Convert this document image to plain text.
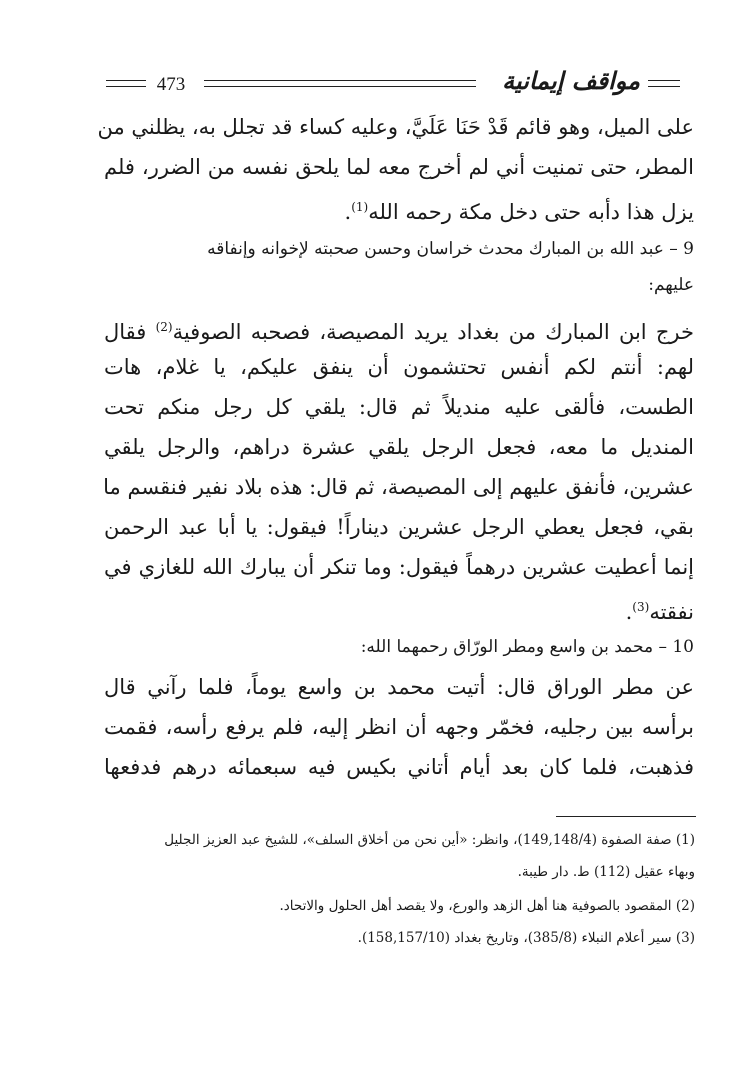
473	مواقف إيمانية
على الميل، وهو قائم قَدْ حَنَا عَلَيَّ، وعليه كساء قد تجلل به، يظلني من
المطر، حتى تمنيت أني لم أخرج معه لما يلحق نفسه من الضرر، فلم
يزل هذا دأبه حتى دخل مكة رحمه الله$^{(1)}$.
9 – عبد الله بن المبارك محدث خراسان وحسن صحبته لإخوانه وإنفاقه
عليهم:
خرج ابن المبارك من بغداد يريد المصيصة، فصحبه الصوفية$^{(2)}$ فقال
لهم: أنتم لكم أنفس تحتشمون أن ينفق عليكم، يا غلام، هات
الطست، فألقى عليه منديلاً ثم قال: يلقي كل رجل منكم تحت
المنديل ما معه، فجعل الرجل يلقي عشرة دراهم، والرجل يلقي
عشرين، فأنفق عليهم إلى المصيصة، ثم قال: هذه بلاد نفير فنقسم ما
بقي، فجعل يعطي الرجل عشرين ديناراً! فيقول: يا أبا عبد الرحمن
إنما أعطيت عشرين درهماً فيقول: وما تنكر أن يبارك الله للغازي في
نفقته$^{(3)}$.
10 – محمد بن واسع ومطر الورّاق رحمهما الله:
عن مطر الوراق قال: أتيت محمد بن واسع يوماً، فلما رآني قال
برأسه بين رجليه، فخمّر وجهه أن انظر إليه، فلم يرفع رأسه، فقمت
فذهبت، فلما كان بعد أيام أتاني بكيس فيه سبعمائه درهم فدفعها
(1) صفة الصفوة (149,148/4)، وانظر: «أين نحن من أخلاق السلف»، للشيخ عبد العزيز الجليل
وبهاء عقيل (112) ط. دار طيبة.
(2) المقصود بالصوفية هنا أهل الزهد والورع، ولا يقصد أهل الحلول والاتحاد.
(3) سير أعلام النبلاء (385/8)، وتاريخ بغداد (158,157/10).
